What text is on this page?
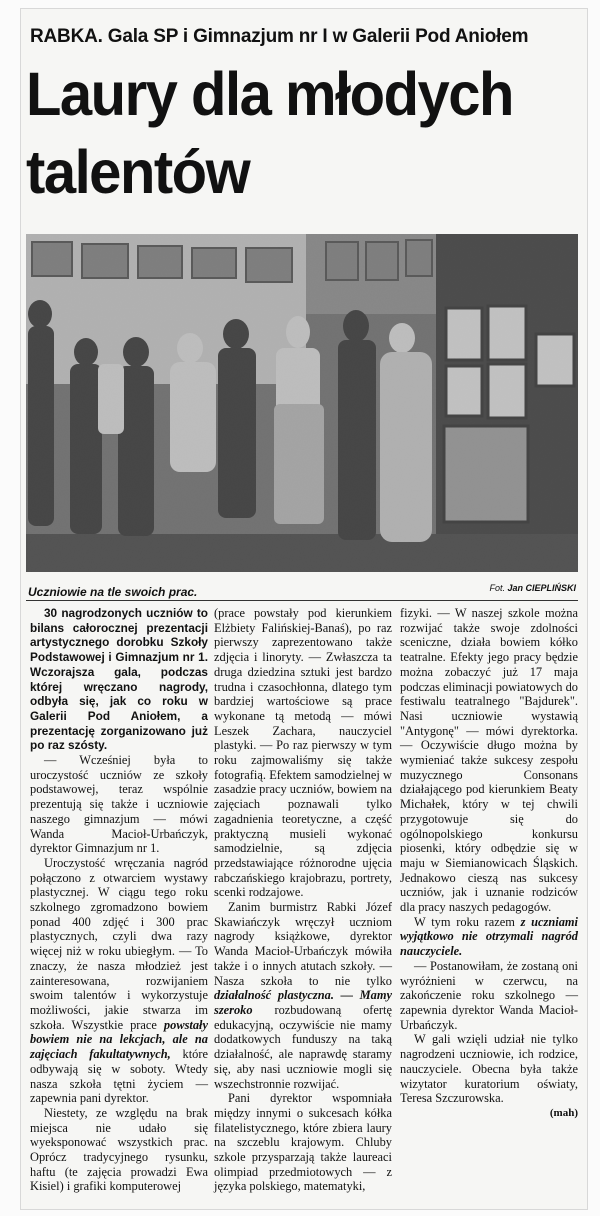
RABKA. Gala SP i Gimnazjum nr I w Galerii Pod Aniołem
Laury dla młodych
talentów
Uczniowie na tle swoich prac.	Fot. Jan CIEPLIŃSKI

30 nagrodzonych uczniów to bilans całorocznej prezentacji artystycznego dorobku Szkoły Podstawowej i Gimnazjum nr 1. Wczorajsza gala, podczas której wręczano nagrody, odbyła się, jak co roku w Galerii Pod Aniołem, a prezentację zorganizowano już po raz szósty.

— Wcześniej była to uroczystość uczniów ze szkoły podstawowej, teraz wspólnie prezentują się także i uczniowie naszego gimnazjum — mówi Wanda Macioł-Urbańczyk, dyrektor Gimnazjum nr 1.

Uroczystość wręczania nagród połączono z otwarciem wystawy plastycznej. W ciągu tego roku szkolnego zgromadzono bowiem ponad 400 zdjęć i 300 prac plastycznych, czyli dwa razy więcej niż w roku ubiegłym. — To znaczy, że nasza młodzież jest zainteresowana, rozwijaniem swoim talentów i wykorzystuje możliwości, jakie stwarza im szkoła. Wszystkie prace powstały bowiem nie na lekcjach, ale na zajęciach fakultatywnych, które odbywają się w soboty. Wtedy nasza szkoła tętni życiem — zapewnia pani dyrektor.

Niestety, ze względu na brak miejsca nie udało się wyeksponować wszystkich prac. Oprócz tradycyjnego rysunku, haftu (te zajęcia prowadzi Ewa Kisiel) i grafiki komputerowej

(prace powstały pod kierunkiem Elżbiety Falińskiej-Banaś), po raz pierwszy zaprezentowano także zdjęcia i linoryty. — Zwłaszcza ta druga dziedzina sztuki jest bardzo trudna i czasochłonna, dlatego tym bardziej wartościowe są prace wykonane tą metodą — mówi Leszek Zachara, nauczyciel plastyki. — Po raz pierwszy w tym roku zajmowaliśmy się także fotografią. Efektem samodzielnej w zasadzie pracy uczniów, bowiem na zajęciach poznawali tylko zagadnienia teoretyczne, a część praktyczną musieli wykonać samodzielnie, są zdjęcia przedstawiające różnorodne ujęcia rabczańskiego krajobrazu, portrety, scenki rodzajowe.

Zanim burmistrz Rabki Józef Skawiańczyk wręczył uczniom nagrody książkowe, dyrektor Wanda Macioł-Urbańczyk mówiła także i o innych atutach szkoły. — Nasza szkoła to nie tylko działalność plastyczna. — Mamy szeroko rozbudowaną ofertę edukacyjną, oczywiście nie mamy dodatkowych funduszy na taką działalność, ale naprawdę staramy się, aby nasi uczniowie mogli się wszechstronnie rozwijać.

Pani dyrektor wspomniała między innymi o sukcesach kółka filatelistycznego, które zbiera laury na szczeblu krajowym. Chluby szkole przysparzają także laureaci olimpiad przedmiotowych — z języka polskiego, matematyki,

fizyki. — W naszej szkole można rozwijać także swoje zdolności sceniczne, działa bowiem kółko teatralne. Efekty jego pracy będzie można zobaczyć już 17 maja podczas eliminacji powiatowych do festiwalu teatralnego "Bajdurek". Nasi uczniowie wystawią "Antygonę" — mówi dyrektorka. — Oczywiście długo można by wymieniać także sukcesy zespołu muzycznego Consonans działającego pod kierunkiem Beaty Michałek, który w tej chwili przygotowuje się do ogólnopolskiego konkursu piosenki, który odbędzie się w maju w Siemianowicach Śląskich. Jednakowo cieszą nas sukcesy uczniów, jak i uznanie rodziców dla pracy naszych pedagogów.

W tym roku razem z uczniami wyjątkowo nie otrzymali nagród nauczyciele.

— Postanowiłam, że zostaną oni wyróżnieni w czerwcu, na zakończenie roku szkolnego — zapewnia dyrektor Wanda Macioł-Urbańczyk.

W gali wzięli udział nie tylko nagrodzeni uczniowie, ich rodzice, nauczyciele. Obecna była także wizytator kuratorium oświaty, Teresa Szczurowska.

(mah)
